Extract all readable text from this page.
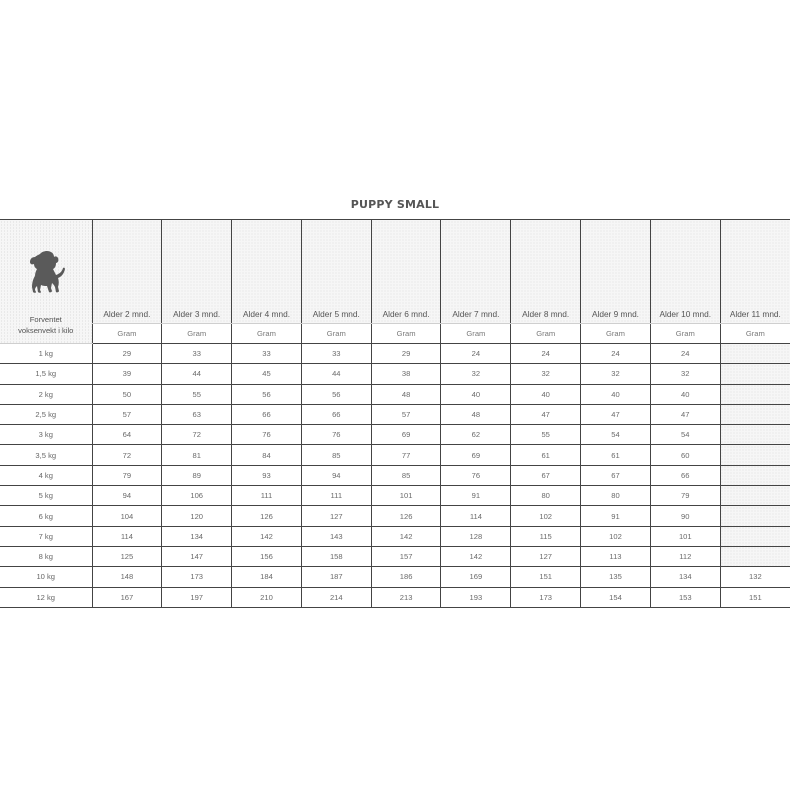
PUPPY SMALL
Forventet
voksenvekt i kilo	Alder 2 mnd.	Alder 3 mnd.	Alder 4 mnd.	Alder 5 mnd.	Alder 6 mnd.	Alder 7 mnd.	Alder 8 mnd.	Alder 9 mnd.	Alder 10 mnd.	Alder 11 mnd.
	Gram	Gram	Gram	Gram	Gram	Gram	Gram	Gram	Gram	Gram
1 kg	29	33	33	33	29	24	24	24	24	
1,5 kg	39	44	45	44	38	32	32	32	32	
2 kg	50	55	56	56	48	40	40	40	40	
2,5 kg	57	63	66	66	57	48	47	47	47	
3 kg	64	72	76	76	69	62	55	54	54	
3,5 kg	72	81	84	85	77	69	61	61	60	
4 kg	79	89	93	94	85	76	67	67	66	
5 kg	94	106	111	111	101	91	80	80	79	
6 kg	104	120	126	127	126	114	102	91	90	
7 kg	114	134	142	143	142	128	115	102	101	
8 kg	125	147	156	158	157	142	127	113	112	
10 kg	148	173	184	187	186	169	151	135	134	132
12 kg	167	197	210	214	213	193	173	154	153	151
